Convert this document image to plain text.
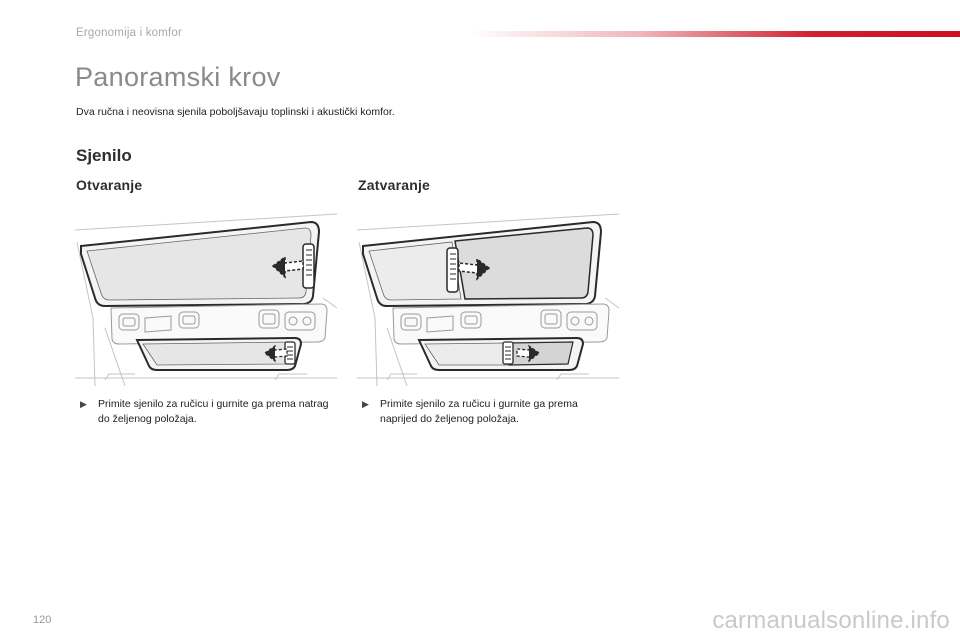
Ergonomija i komfor
Panoramski krov

Dva ručna i neovisna sjenila poboljšavaju toplinski i akustički komfor.

Sjenilo
Otvaranje	Zatvaranje
▶	Primite sjenilo za ručicu i gurnite ga prema natrag do željenog položaja.
▶	Primite sjenilo za ručicu i gurnite ga prema naprijed do željenog položaja.
120	carmanualsonline.info
